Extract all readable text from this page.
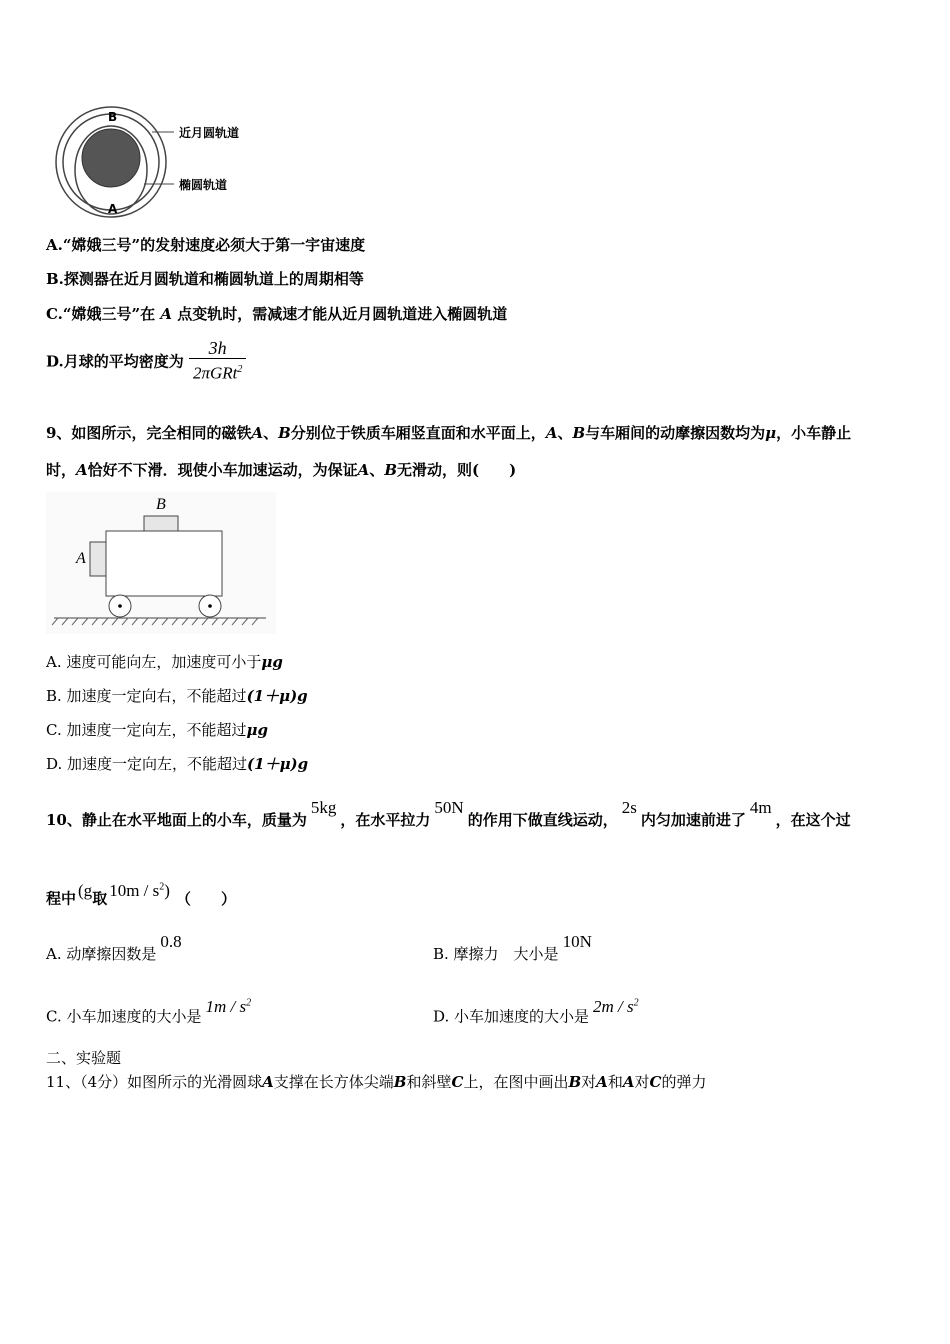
B
A
近月圆轨道
椭圆轨道
A.“嫦娥三号”的发射速度必须大于第一宇宙速度
B.探测器在近月圆轨道和椭圆轨道上的周期相等
C.“嫦娥三号”在 A 点变轨时，需减速才能从近月圆轨道进入椭圆轨道
D.月球的平均密度为 $\frac{3h}{2\pi GRt^2}$
9、如图所示，完全相同的磁铁A、B分别位于铁质车厢竖直面和水平面上，A、B与车厢间的动摩擦因数均为μ，小车静止
时，A恰好不下滑．现使小车加速运动，为保证A、B无滑动，则(　　)
B
A
A. 速度可能向左，加速度可小于μg
B. 加速度一定向右，不能超过(1＋μ)g
C. 加速度一定向左，不能超过μg
D. 加速度一定向左，不能超过(1＋μ)g
10、静止在水平地面上的小车，质量为5kg，在水平拉力50N的作用下做直线运动，2s内匀加速前进了4m，在这个过
程中 (g取 $10m / s^2$) （　　）
A. 动摩擦因数是0.8
B. 摩擦力　大小是10N
C. 小车加速度的大小是$1m / s^2$
D. 小车加速度的大小是$2m / s^2$
二、实验题
11、（4分）如图所示的光滑圆球A支撑在长方体尖端B和斜壁C上，在图中画出B对A和A对C的弹力
